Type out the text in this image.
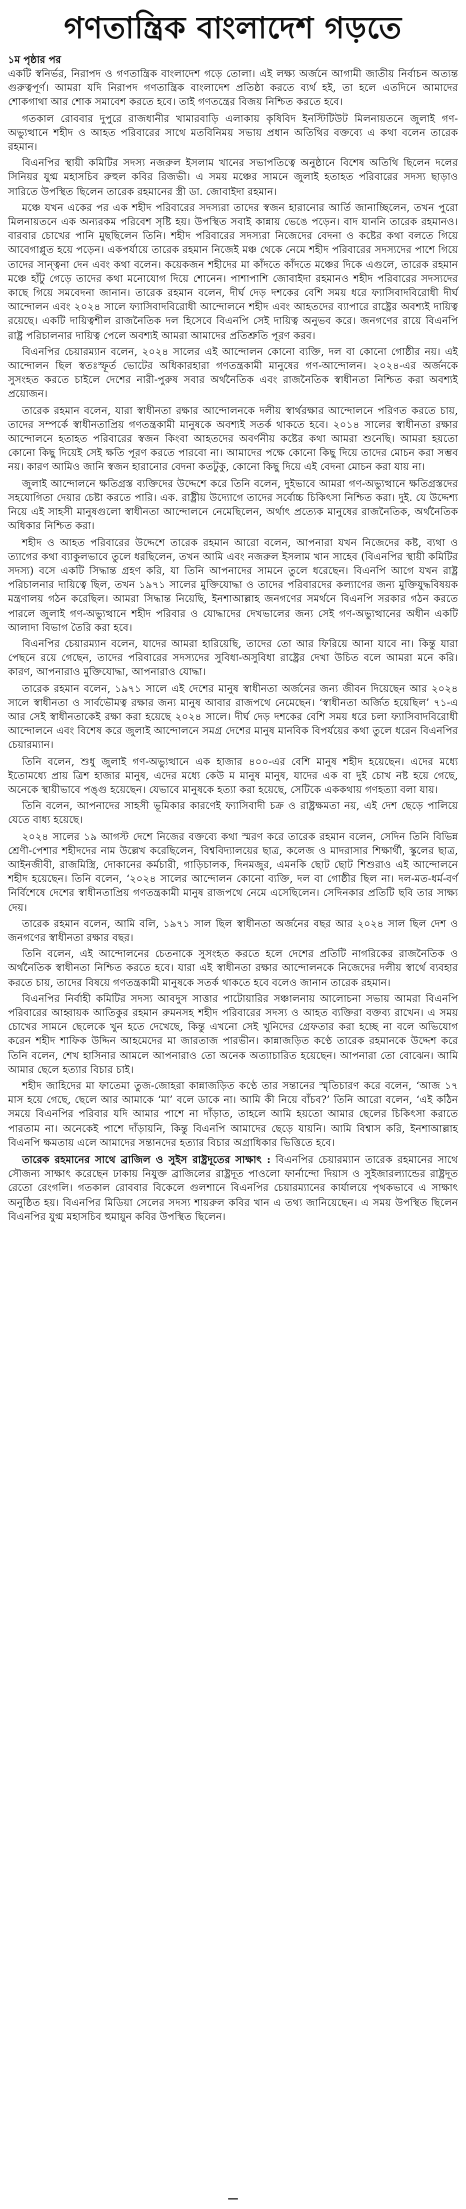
গণতান্ত্রিক বাংলাদেশ গড়তে
১ম পৃষ্ঠার পর

একটি স্বনির্ভর, নিরাপদ ও গণতান্ত্রিক বাংলাদেশ গড়ে তোলা। এই লক্ষ্য অর্জনে আগামী জাতীয় নির্বাচন অত্যন্ত গুরুত্বপূর্ণ। আমরা যদি নিরাপদ গণতান্ত্রিক বাংলাদেশ প্রতিষ্ঠা করতে ব্যর্থ হই, তা হলে এতদিনে আমাদের শোকগাথা আর শোক সমাবেশ করতে হবে। তাই গণতন্ত্রের বিজয় নিশ্চিত করতে হবে।

গতকাল রোববার দুপুরে রাজধানীর খামারবাড়ি এলাকায় কৃষিবিদ ইনস্টিটিউট মিলনায়তনে জুলাই গণ-অভ্যুত্থানে শহীদ ও আহত পরিবারের সাথে মতবিনিময় সভায় প্রধান অতিথির বক্তব্যে এ কথা বলেন তারেক রহমান।

বিএনপির স্থায়ী কমিটির সদস্য নজরুল ইসলাম খানের সভাপতিত্বে অনুষ্ঠানে বিশেষ অতিথি ছিলেন দলের সিনিয়র যুগ্ম মহাসচিব রুহুল কবির রিজভী। এ সময় মঞ্চের সামনে জুলাই হতাহত পরিবারের সদস্য ছাড়াও সারিতে উপস্থিত ছিলেন তারেক রহমানের স্ত্রী ডা. জোবাইদা রহমান।

মঞ্চে যখন একের পর এক শহীদ পরিবারের সদস্যরা তাদের স্বজন হারানোর আর্তি জানাচ্ছিলেন, তখন পুরো মিলনায়তনে এক অন্যরকম পরিবেশ সৃষ্টি হয়। উপস্থিত সবাই কান্নায় ভেঙে পড়েন। বাদ যাননি তারেক রহমানও। বারবার চোখের পানি মুছছিলেন তিনি। শহীদ পরিবারের সদস্যরা নিজেদের বেদনা ও কষ্টের কথা বলতে গিয়ে আবেগাপ্লুত হয়ে পড়েন। একপর্যায়ে তারেক রহমান নিজেই মঞ্চ থেকে নেমে শহীদ পরিবারের সদস্যদের পাশে গিয়ে তাদের সান্ত্বনা দেন এবং কথা বলেন। কয়েকজন শহীদের মা কাঁদতে কাঁদতে মঞ্চের দিকে এগুলে, তারেক রহমান মঞ্চে হাঁটু গেড়ে তাদের কথা মনোযোগ দিয়ে শোনেন। পাশাপাশি জোবাইদা রহমানও শহীদ পরিবারের সদস্যদের কাছে গিয়ে সমবেদনা জানান। তারেক রহমান বলেন, দীর্ঘ দেড় দশকের বেশি সময় ধরে ফ্যাসিবাদবিরোধী দীর্ঘ আন্দোলন এবং ২০২৪ সালে ফ্যাসিবাদবিরোধী আন্দোলনে শহীদ এবং আহতদের ব্যাপারে রাষ্ট্রের অবশ্যই দায়িত্ব রয়েছে। একটি দায়িত্বশীল রাজনৈতিক দল হিসেবে বিএনপি সেই দায়িত্ব অনুভব করে। জনগণের রায়ে বিএনপি রাষ্ট্র পরিচালনার দায়িত্ব পেলে অবশ্যই আমরা আমাদের প্রতিশ্রুতি পূরণ করব।

বিএনপির চেয়ারম্যান বলেন, ২০২৪ সালের এই আন্দোলন কোনো ব্যক্তি, দল বা কোনো গোষ্ঠীর নয়। এই আন্দোলন ছিল স্বতঃস্ফূর্ত ভোটের অধিকারহারা গণতন্ত্রকামী মানুষের গণ-আন্দোলন। ২০২৪-এর অর্জনকে সুসংহত করতে চাইলে দেশের নারী-পুরুষ সবার অর্থনৈতিক এবং রাজনৈতিক স্বাধীনতা নিশ্চিত করা অবশ্যই প্রয়োজন।

তারেক রহমান বলেন, যারা স্বাধীনতা রক্ষার আন্দোলনকে দলীয় স্বার্থরক্ষার আন্দোলনে পরিণত করতে চায়, তাদের সম্পর্কে স্বাধীনতাপ্রিয় গণতন্ত্রকামী মানুষকে অবশ্যই সতর্ক থাকতে হবে। ২০১৪ সালের স্বাধীনতা রক্ষার আন্দোলনে হতাহত পরিবারের স্বজন কিংবা আহতদের অবর্ণনীয় কষ্টের কথা আমরা শুনেছি। আমরা হয়তো কোনো কিছু দিয়েই সেই ক্ষতি পূরণ করতে পারবো না। আমাদের পক্ষে কোনো কিছু দিয়ে তাদের মোচন করা সম্ভব নয়। কারণ আমিও জানি স্বজন হারানোর বেদনা কতটুকু, কোনো কিছু দিয়ে এই বেদনা মোচন করা যায় না।

জুলাই আন্দোলনে ক্ষতিগ্রস্ত ব্যক্তিদের উদ্দেশে করে তিনি বলেন, দুইভাবে আমরা গণ-অভ্যুত্থানে ক্ষতিগ্রস্তদের সহযোগিতা দেয়ার চেষ্টা করতে পারি। এক. রাষ্ট্রীয় উদ্যোগে তাদের সর্বোচ্চ চিকিৎসা নিশ্চিত করা। দুই. যে উদ্দেশ্য নিয়ে এই সাহসী মানুষগুলো স্বাধীনতা আন্দোলনে নেমেছিলেন, অর্থাৎ প্রত্যেক মানুষের রাজনৈতিক, অর্থনৈতিক অধিকার নিশ্চিত করা।

শহীদ ও আহত পরিবারের উদ্দেশে তারেক রহমান আরো বলেন, আপনারা যখন নিজেদের কষ্ট, ব্যথা ও ত্যাগের কথা ব্যাকুলভাবে তুলে ধরছিলেন, তখন আমি এবং নজরুল ইসলাম খান সাহেব (বিএনপির স্থায়ী কমিটির সদস্য) বসে একটি সিদ্ধান্ত গ্রহণ করি, যা তিনি আপনাদের সামনে তুলে ধরেছেন। বিএনপি আগে যখন রাষ্ট্র পরিচালনার দায়িত্বে ছিল, তখন ১৯৭১ সালের মুক্তিযোদ্ধা ও তাদের পরিবারদের কল্যাণের জন্য মুক্তিযুদ্ধবিষয়ক মন্ত্রণালয় গঠন করেছিল। আমরা সিদ্ধান্ত নিয়েছি, ইনশাআল্লাহ জনগণের সমর্থনে বিএনপি সরকার গঠন করতে পারলে জুলাই গণ-অভ্যুত্থানে শহীদ পরিবার ও যোদ্ধাদের দেখভালের জন্য সেই গণ-অভ্যুত্থানের অধীন একটি আলাদা বিভাগ তৈরি করা হবে।

বিএনপির চেয়ারম্যান বলেন, যাদের আমরা হারিয়েছি, তাদের তো আর ফিরিয়ে আনা যাবে না। কিন্তু যারা পেছনে রয়ে গেছেন, তাদের পরিবারের সদস্যদের সুবিধা-অসুবিধা রাষ্ট্রের দেখা উচিত বলে আমরা মনে করি। কারণ, আপনারাও মুক্তিযোদ্ধা, আপনারাও যোদ্ধা।

তারেক রহমান বলেন, ১৯৭১ সালে এই দেশের মানুষ স্বাধীনতা অর্জনের জন্য জীবন দিয়েছেন আর ২০২৪ সালে স্বাধীনতা ও সার্বভৌমত্ব রক্ষার জন্য মানুষ আবার রাজপথে নেমেছেন। ‘স্বাধীনতা অর্জিত হয়েছিল’ ৭১-এ আর সেই স্বাধীনতাকেই রক্ষা করা হয়েছে ২০২৪ সালে। দীর্ঘ দেড় দশকের বেশি সময় ধরে চলা ফ্যাসিবাদবিরোধী আন্দোলনে এবং বিশেষ করে জুলাই আন্দোলনে সমগ্র দেশের মানুষ মানবিক বিপর্যয়ের কথা তুলে ধরেন বিএনপির চেয়ারম্যান।

তিনি বলেন, শুধু জুলাই গণ-অভ্যুত্থানে এক হাজার ৪০০-এর বেশি মানুষ শহীদ হয়েছেন। এদের মধ্যে ইতোমধ্যে প্রায় ত্রিশ হাজার মানুষ, এদের মধ্যে কেউ ম মানুষ মানুষ, যাদের এক বা দুই চোখ নষ্ট হয়ে গেছে, অনেকে স্থায়ীভাবে পঙ্গু হয়েছেন। যেভাবে মানুষকে হত্যা করা হয়েছে, সেটিকে এককথায় গণহত্যা বলা যায়।

তিনি বলেন, আপনাদের সাহসী ভূমিকার কারণেই ফ্যাসিবাদী চক্র ও রাষ্ট্রক্ষমতা নয়, এই দেশ ছেড়ে পালিয়ে যেতে বাধ্য হয়েছে।

২০২৪ সালের ১৯ আগস্ট দেশে নিজের বক্তব্যে কথা স্মরণ করে তারেক রহমান বলেন, সেদিন তিনি বিভিন্ন শ্রেণী-পেশার শহীদদের নাম উল্লেখ করেছিলেন, বিশ্ববিদ্যালয়ের ছাত্র, কলেজ ও মাদরাসার শিক্ষার্থী, স্কুলের ছাত্র, আইনজীবী, রাজমিস্ত্রি, দোকানের কর্মচারী, গাড়িচালক, দিনমজুর, এমনকি ছোট ছোট শিশুরাও এই আন্দোলনে শহীদ হয়েছেন। তিনি বলেন, ‘২০২৪ সালের আন্দোলন কোনো ব্যক্তি, দল বা গোষ্ঠীর ছিল না। দল-মত-ধর্ম-বর্ণ নির্বিশেষে দেশের স্বাধীনতাপ্রিয় গণতন্ত্রকামী মানুষ রাজপথে নেমে এসেছিলেন। সেদিনকার প্রতিটি ছবি তার সাক্ষ্য দেয়।

তারেক রহমান বলেন, আমি বলি, ১৯৭১ সাল ছিল স্বাধীনতা অর্জনের বছর আর ২০২৪ সাল ছিল দেশ ও জনগণের স্বাধীনতা রক্ষার বছর।

তিনি বলেন, এই আন্দোলনের চেতনাকে সুসংহত করতে হলে দেশের প্রতিটি নাগরিকের রাজনৈতিক ও অর্থনৈতিক স্বাধীনতা নিশ্চিত করতে হবে। যারা এই স্বাধীনতা রক্ষার আন্দোলনকে নিজেদের দলীয় স্বার্থে ব্যবহার করতে চায়, তাদের বিষয়ে গণতন্ত্রকামী মানুষকে সতর্ক থাকতে হবে বলেও জানান তারেক রহমান।

বিএনপির নির্বাহী কমিটির সদস্য আবদুস সাত্তার পাটোয়ারির সঞ্চালনায় আলোচনা সভায় আমরা বিএনপি পরিবারের আহ্বায়ক আতিকুর রহমান রুমনসহ শহীদ পরিবারের সদস্য ও আহত ব্যক্তিরা বক্তব্য রাখেন। এ সময় চোখের সামনে ছেলেকে খুন হতে দেখেছে, কিন্তু এখনো সেই খুনিদের গ্রেফতার করা হচ্ছে না বলে অভিযোগ করেন শহীদ শাফিক উদ্দিন আহমেদের মা জারতাজ পারভীন। কান্নাজড়িত কণ্ঠে তারেক রহমানকে উদ্দেশ করে তিনি বলেন, শেখ হাসিনার আমলে আপনারাও তো অনেক অত্যাচারিত হয়েছেন। আপনারা তো বোঝেন। আমি আমার ছেলে হত্যার বিচার চাই।

শহীদ জাহিদের মা ফাতেমা তুজ-জোহরা কান্নাজড়িত কণ্ঠে তার সন্তানের স্মৃতিচারণ করে বলেন, ‘আজ ১৭ মাস হয়ে গেছে, ছেলে আর আমাকে ‘মা’ বলে ডাকে না। আমি কী নিয়ে বাঁচব?’ তিনি আরো বলেন, ‘এই কঠিন সময়ে বিএনপির পরিবার যদি আমার পাশে না দাঁড়াত, তাহলে আমি হয়তো আমার ছেলের চিকিৎসা করাতে পারতাম না। অনেকেই পাশে দাঁড়ায়নি, কিন্তু বিএনপি আমাদের ছেড়ে যায়নি। আমি বিশ্বাস করি, ইনশাআল্লাহ বিএনপি ক্ষমতায় এলে আমাদের সন্তানদের হত্যার বিচার অগ্রাধিকার ভিত্তিতে হবে।

তারেক রহমানের সাথে ব্রাজিল ও সুইস রাষ্ট্রদূতের সাক্ষাৎ : বিএনপির চেয়ারম্যান তারেক রহমানের সাথে সৌজন্য সাক্ষাৎ করেছেন ঢাকায় নিযুক্ত ব্রাজিলের রাষ্ট্রদূত পাওলো ফার্নান্দো দিয়াস ও সুইজারল্যান্ডের রাষ্ট্রদূত রেতো রেংগলি। গতকাল রোববার বিকেলে গুলশানে বিএনপির চেয়ারম্যানের কার্যালয়ে পৃথকভাবে এ সাক্ষাৎ অনুষ্ঠিত হয়। বিএনপির মিডিয়া সেলের সদস্য শায়রুল কবির খান এ তথ্য জানিয়েছেন। এ সময় উপস্থিত ছিলেন বিএনপির যুগ্ম মহাসচিব হুমায়ুন কবির উপস্থিত ছিলেন।

—
